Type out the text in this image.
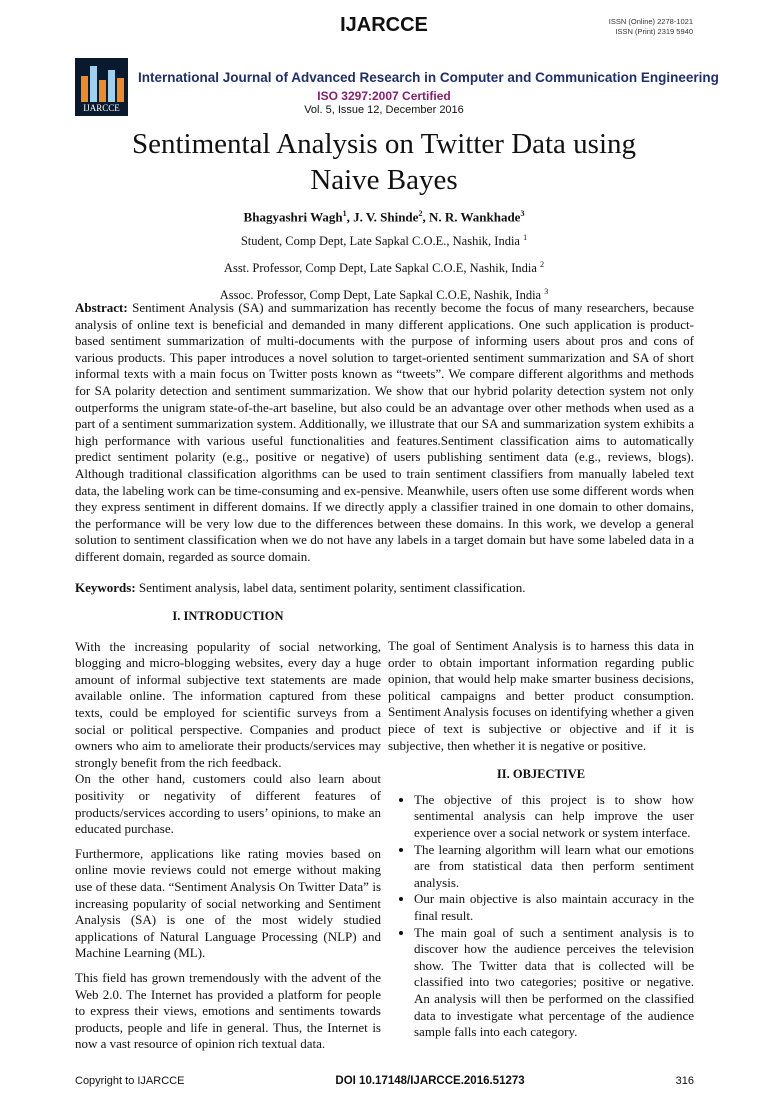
IJARCCE	ISSN (Online) 2278-1021
ISSN (Print) 2319 5940
IJARCCE
International Journal of Advanced Research in Computer and Communication Engineering
ISO 3297:2007 Certified
Vol. 5, Issue 12, December 2016
Sentimental Analysis on Twitter Data using
Naive Bayes
Bhagyashri Wagh$^1$, J. V. Shinde$^2$, N. R. Wankhade$^3$
Student, Comp Dept, Late Sapkal C.O.E., Nashik, India $^1$
Asst. Professor, Comp Dept, Late Sapkal C.O.E, Nashik, India $^2$
Assoc. Professor, Comp Dept, Late Sapkal C.O.E, Nashik, India $^3$

Abstract: Sentiment Analysis (SA) and summarization has recently become the focus of many researchers, because analysis of online text is beneficial and demanded in many different applications. One such application is product-based sentiment summarization of multi-documents with the purpose of informing users about pros and cons of various products. This paper introduces a novel solution to target-oriented sentiment summarization and SA of short informal texts with a main focus on Twitter posts known as “tweets”. We compare different algorithms and methods for SA polarity detection and sentiment summarization. We show that our hybrid polarity detection system not only outperforms the unigram state-of-the-art baseline, but also could be an advantage over other methods when used as a part of a sentiment summarization system. Additionally, we illustrate that our SA and summarization system exhibits a high performance with various useful functionalities and features.Sentiment classification aims to automatically predict sentiment polarity (e.g., positive or negative) of users publishing sentiment data (e.g., reviews, blogs). Although traditional classification algorithms can be used to train sentiment classifiers from manually labeled text data, the labeling work can be time-consuming and ex-pensive. Meanwhile, users often use some different words when they express sentiment in different domains. If we directly apply a classifier trained in one domain to other domains, the performance will be very low due to the differences between these domains. In this work, we develop a general solution to sentiment classification when we do not have any labels in a target domain but have some labeled data in a different domain, regarded as source domain.

Keywords: Sentiment analysis, label data, sentiment polarity, sentiment classification.
I. INTRODUCTION

With the increasing popularity of social networking, blogging and micro-blogging websites, every day a huge amount of informal subjective text statements are made available online. The information captured from these texts, could be employed for scientific surveys from a social or political perspective. Companies and product owners who aim to ameliorate their products/services may strongly benefit from the rich feedback.

On the other hand, customers could also learn about positivity or negativity of different features of products/services according to users’ opinions, to make an educated purchase.

Furthermore, applications like rating movies based on online movie reviews could not emerge without making use of these data. “Sentiment Analysis On Twitter Data” is increasing popularity of social networking and Sentiment Analysis (SA) is one of the most widely studied applications of Natural Language Processing (NLP) and Machine Learning (ML).

This field has grown tremendously with the advent of the Web 2.0. The Internet has provided a platform for people to express their views, emotions and sentiments towards products, people and life in general. Thus, the Internet is now a vast resource of opinion rich textual data.

The goal of Sentiment Analysis is to harness this data in order to obtain important information regarding public opinion, that would help make smarter business decisions, political campaigns and better product consumption. Sentiment Analysis focuses on identifying whether a given piece of text is subjective or objective and if it is subjective, then whether it is negative or positive.

II. OBJECTIVE
• The objective of this project is to show how sentimental analysis can help improve the user experience over a social network or system interface.
• The learning algorithm will learn what our emotions are from statistical data then perform sentiment analysis.
• Our main objective is also maintain accuracy in the final result.
• The main goal of such a sentiment analysis is to discover how the audience perceives the television show. The Twitter data that is collected will be classified into two categories; positive or negative. An analysis will then be performed on the classified data to investigate what percentage of the audience sample falls into each category.
Copyright to IJARCCE	DOI 10.17148/IJARCCE.2016.51273	316
